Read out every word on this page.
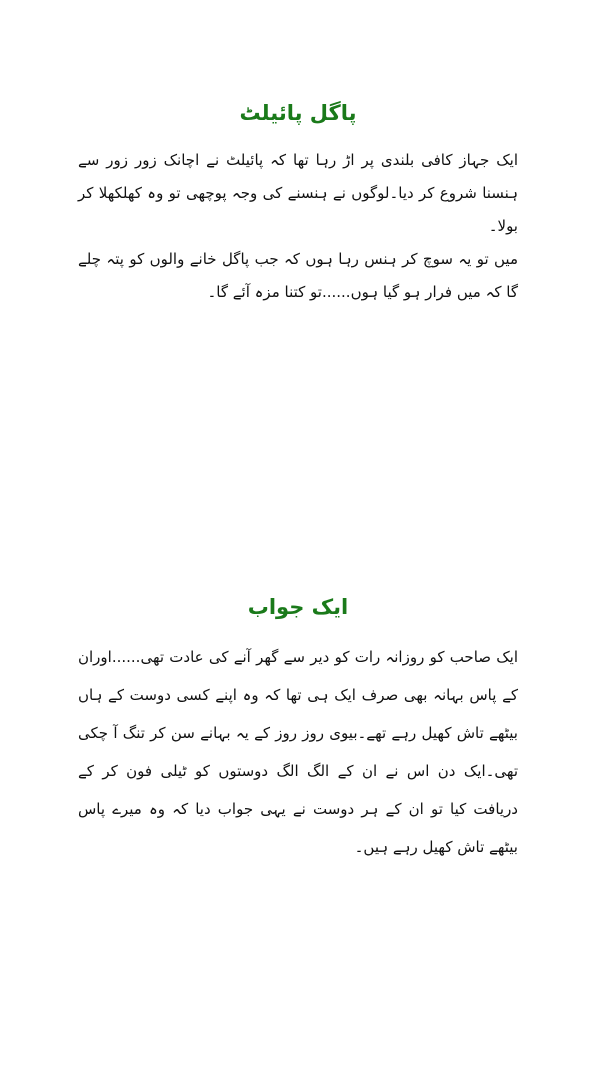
پاگل پائیلٹ

ایک جہاز کافی بلندی پر اڑ رہا تھا کہ پائیلٹ نے اچانک زور زور سے ہنسنا شروع کر دیا۔لوگوں نے ہنسنے کی وجہ پوچھی تو وہ کھلکھلا کر بولا۔

میں تو یہ سوچ کر ہنس رہا ہوں کہ جب پاگل خانے والوں کو پتہ چلے گا کہ میں فرار ہو گیا ہوں......تو کتنا مزہ آئے گا۔

ایک جواب

ایک صاحب کو روزانہ رات کو دیر سے گھر آنے کی عادت تھی......اوران کے پاس بہانہ بھی صرف ایک ہی تھا کہ وہ اپنے کسی دوست کے ہاں بیٹھے تاش کھیل رہے تھے۔بیوی روز روز کے یہ بہانے سن کر تنگ آ چکی تھی۔ایک دن اس نے ان کے الگ الگ دوستوں کو ٹیلی فون کر کے دریافت کیا تو ان کے ہر دوست نے یہی جواب دیا کہ وہ میرے پاس بیٹھے تاش کھیل رہے ہیں۔
